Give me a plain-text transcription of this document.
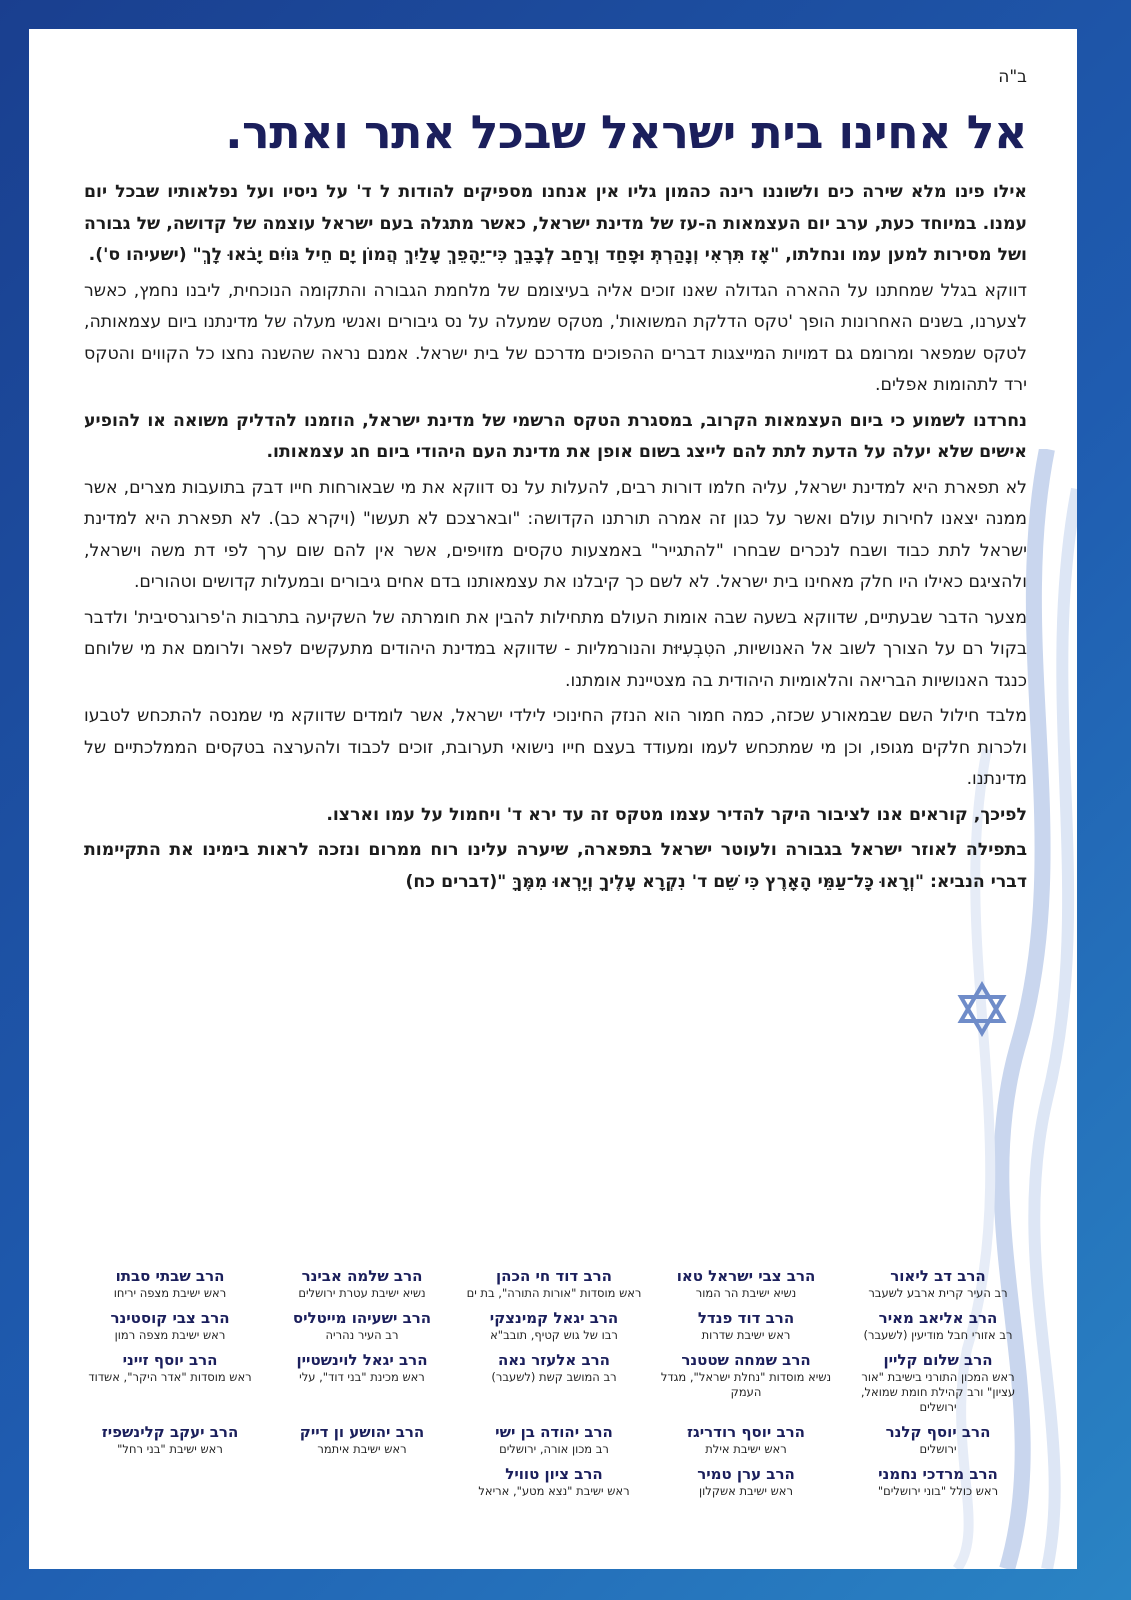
ב"ה
אל אחינו בית ישראל שבכל אתר ואתר.

אילו פינו מלא שירה כים ולשוננו רינה כהמון גליו אין אנחנו מספיקים להודות ל ד' על ניסיו ועל נפלאותיו שבכל יום עמנו. במיוחד כעת, ערב יום העצמאות ה-עז של מדינת ישראל, כאשר מתגלה בעם ישראל עוצמה של קדושה, של גבורה ושל מסירות למען עמו ונחלתו, "אָז תִּרְאִי וְנָהַרְתְּ וּפָחַד וְרָחַב לְבָבֵךְ כִּי־יֵהָפֵךְ עָלַיִךְ הֲמוֹן יָם חֵיל גּוֹיִם יָבֹאוּ לָךְ" (ישעיהו ס').

דווקא בגלל שמחתנו על ההארה הגדולה שאנו זוכים אליה בעיצומם של מלחמת הגבורה והתקומה הנוכחית, ליבנו נחמץ, כאשר לצערנו, בשנים האחרונות הופך 'טקס הדלקת המשואות', מטקס שמעלה על נס גיבורים ואנשי מעלה של מדינתנו ביום עצמאותה, לטקס שמפאר ומרומם גם דמויות המייצגות דברים ההפוכים מדרכם של בית ישראל. אמנם נראה שהשנה נחצו כל הקווים והטקס ירד לתהומות אפלים.

נחרדנו לשמוע כי ביום העצמאות הקרוב, במסגרת הטקס הרשמי של מדינת ישראל, הוזמנו להדליק משואה או להופיע אישים שלא יעלה על הדעת לתת להם לייצג בשום אופן את מדינת העם היהודי ביום חג עצמאותו.

לא תפארת היא למדינת ישראל, עליה חלמו דורות רבים, להעלות על נס דווקא את מי שבאורחות חייו דבק בתועבות מצרים, אשר ממנה יצאנו לחירות עולם ואשר על כגון זה אמרה תורתנו הקדושה: "ובארצכם לא תעשו" (ויקרא כב). לא תפארת היא למדינת ישראל לתת כבוד ושבח לנכרים שבחרו "להתגייר" באמצעות טקסים מזויפים, אשר אין להם שום ערך לפי דת משה וישראל, ולהציגם כאילו היו חלק מאחינו בית ישראל. לא לשם כך קיבלנו את עצמאותנו בדם אחים גיבורים ובמעלות קדושים וטהורים.

מצער הדבר שבעתיים, שדווקא בשעה שבה אומות העולם מתחילות להבין את חומרתה של השקיעה בתרבות ה'פרוגרסיבית' ולדבר בקול רם על הצורך לשוב אל האנושיות, הטִבְעִיּוּת והנורמליות - שדווקא במדינת היהודים מתעקשים לפאר ולרומם את מי שלוחם כנגד האנושיות הבריאה והלאומיות היהודית בה מצטיינת אומתנו.

מלבד חילול השם שבמאורע שכזה, כמה חמור הוא הנזק החינוכי לילדי ישראל, אשר לומדים שדווקא מי שמנסה להתכחש לטבעו ולכרות חלקים מגופו, וכן מי שמתכחש לעמו ומעודד בעצם חייו נישואי תערובת, זוכים לכבוד ולהערצה בטקסים הממלכתיים של מדינתנו.

לפיכך, קוראים אנו לציבור היקר להדיר עצמו מטקס זה עד ירא ד' ויחמול על עמו וארצו.

בתפילה לאוזר ישראל בגבורה ולעוטר ישראל בתפארה, שיערה עלינו רוח ממרום ונזכה לראות בימינו את התקיימות דברי הנביא: "וְרָאוּ כָּל־עַמֵּי הָאָרֶץ כִּי שֵׁם ד' נִקְרָא עָלֶיךָ וְיָרְאוּ מִמֶּךָּ "(דברים כח)

הרב דב ליאור
רב העיר קרית ארבע לשעבר
הרב צבי ישראל טאו
נשיא ישיבת הר המור
הרב דוד חי הכהן
ראש מוסדות "אורות התורה", בת ים
הרב שלמה אבינר
נשיא ישיבת עטרת ירושלים
הרב שבתי סבתו
ראש ישיבת מצפה יריחו
הרב אליאב מאיר
רב אזורי חבל מודיעין (לשעבר)
הרב דוד פנדל
ראש ישיבת שדרות
הרב יגאל קמינצקי
רבו של גוש קטיף, תובב"א
הרב ישעיהו מייטליס
רב העיר נהריה
הרב צבי קוסטינר
ראש ישיבת מצפה רמון
הרב שלום קליין
ראש המכון התורני בישיבת "אור עציון" ורב קהילת חומת שמואל, ירושלים
הרב שמחה שטטנר
נשיא מוסדות "נחלת ישראל", מגדל העמק
הרב אלעזר נאה
רב המושב קשת (לשעבר)
הרב יגאל לוינשטיין
ראש מכינת "בני דוד", עלי
הרב יוסף זייני
ראש מוסדות "אדר היקר", אשדוד
הרב יוסף קלנר
ירושלים
הרב יוסף רודריגז
ראש ישיבת אילת
הרב יהודה בן ישי
רב מכון אורה, ירושלים
הרב יהושע ון דייק
ראש ישיבת איתמר
הרב יעקב קלינשפיז
ראש ישיבת "בני רחל"
הרב מרדכי נחמני
ראש כולל "בוני ירושלים"
הרב ערן טמיר
ראש ישיבת אשקלון
הרב ציון טוויל
ראש ישיבת "נצא מטע", אריאל
